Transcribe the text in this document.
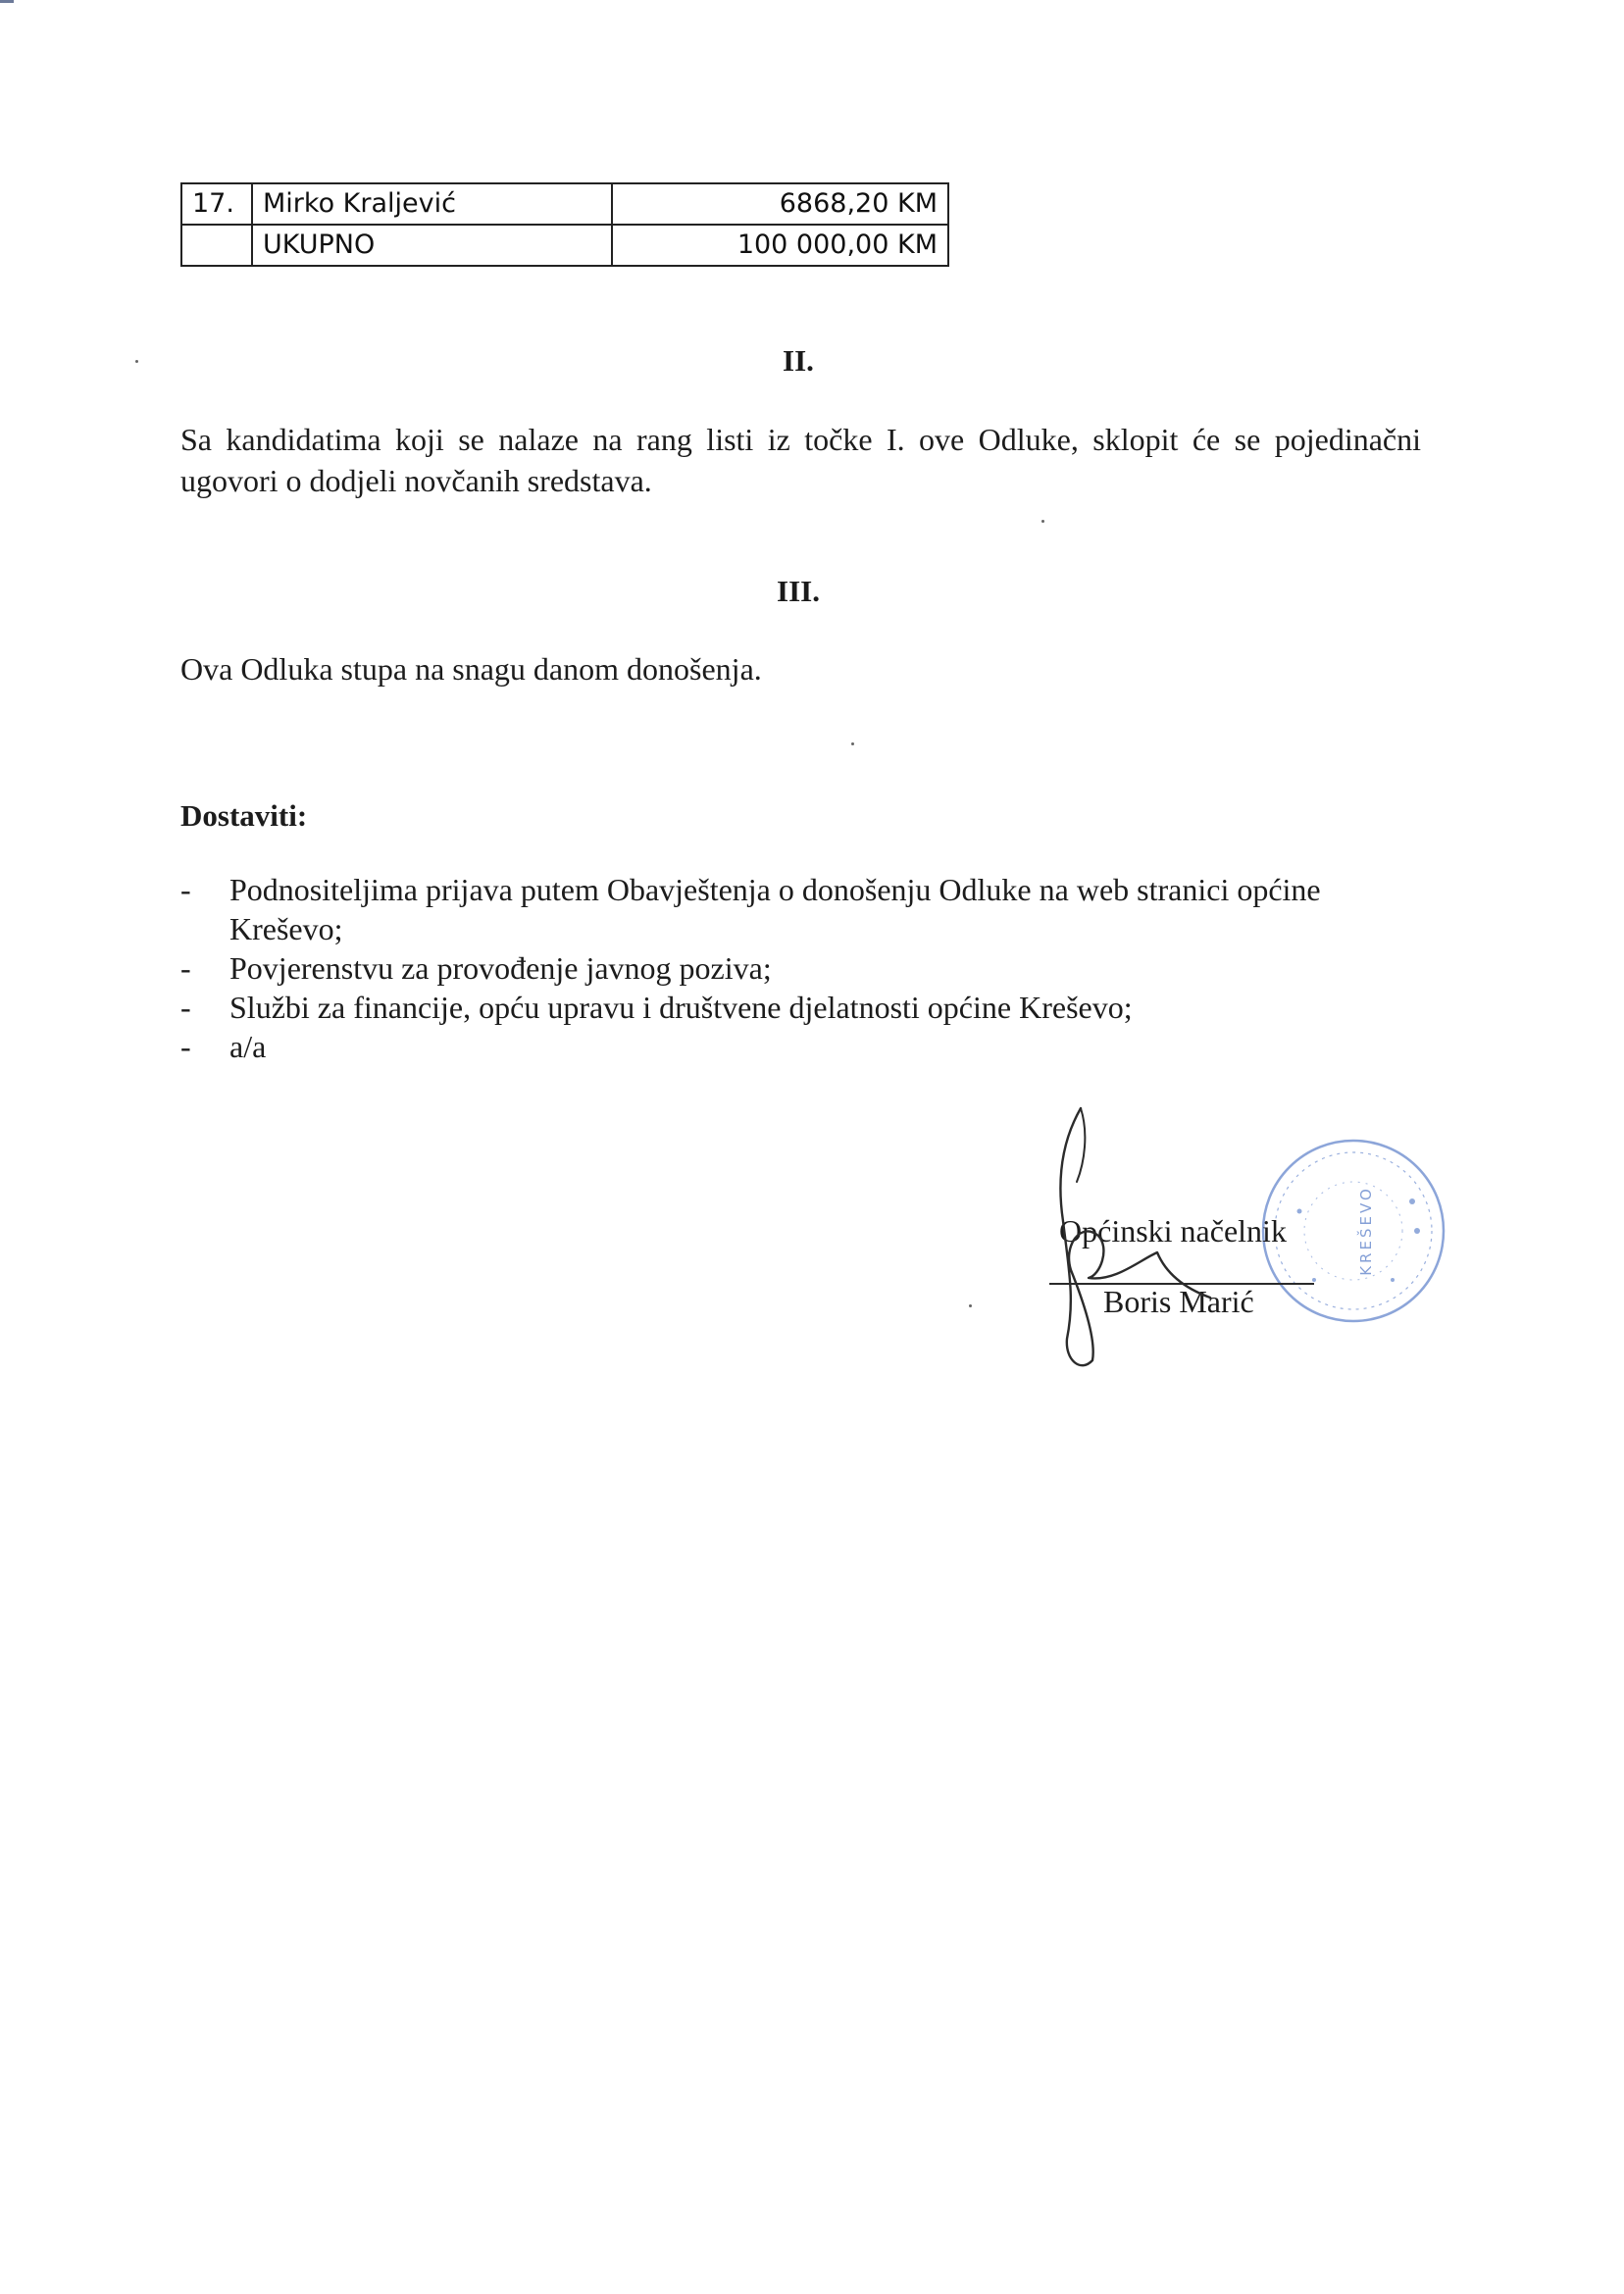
17.	Mirko Kraljević	6868,20 KM
	UKUPNO	100 000,00 KM
II.

Sa kandidatima koji se nalaze na rang listi iz točke I. ove Odluke, sklopit će se pojedinačni ugovori o dodjeli novčanih sredstava.

III.

Ova Odluka stupa na snagu danom donošenja.

Dostaviti:

- Podnositeljima prijava putem Obavještenja o donošenju Odluke na web stranici općine Kreševo;
- Povjerenstvu za provođenje javnog poziva;
- Službi za financije, opću upravu i društvene djelatnosti općine Kreševo;
- a/a
KREŠEVO
Općinski načelnik
Boris Marić
